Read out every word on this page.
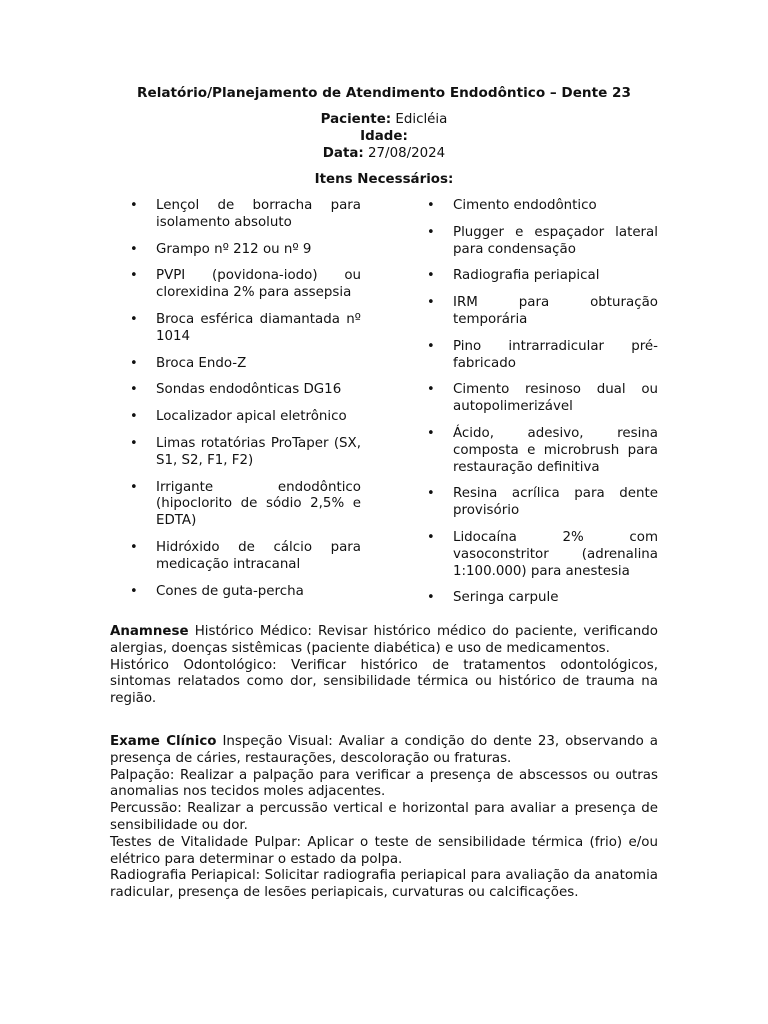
Relatório/Planejamento de Atendimento Endodôntico – Dente 23
Paciente: Edicléia
Idade:
Data: 27/08/2024
Itens Necessários:
• Lençol de borracha para isolamento absoluto
• Grampo nº 212 ou nº 9
• PVPI (povidona-iodo) ou clorexidina 2% para assepsia
• Broca esférica diamantada nº 1014
• Broca Endo-Z
• Sondas endodônticas DG16
• Localizador apical eletrônico
• Limas rotatórias ProTaper (SX, S1, S2, F1, F2)
• Irrigante endodôntico (hipoclorito de sódio 2,5% e EDTA)
• Hidróxido de cálcio para medicação intracanal
• Cones de guta-percha
• Cimento endodôntico
• Plugger e espaçador lateral para condensação
• Radiografia periapical
• IRM para obturação temporária
• Pino intrarradicular pré-fabricado
• Cimento resinoso dual ou autopolimerizável
• Ácido, adesivo, resina composta e microbrush para restauração definitiva
• Resina acrílica para dente provisório
• Lidocaína 2% com vasoconstritor (adrenalina 1:100.000) para anestesia
• Seringa carpule

Anamnese Histórico Médico: Revisar histórico médico do paciente, verificando alergias, doenças sistêmicas (paciente diabética) e uso de medicamentos.

Histórico Odontológico: Verificar histórico de tratamentos odontológicos, sintomas relatados como dor, sensibilidade térmica ou histórico de trauma na região.

Exame Clínico Inspeção Visual: Avaliar a condição do dente 23, observando a presença de cáries, restaurações, descoloração ou fraturas.

Palpação: Realizar a palpação para verificar a presença de abscessos ou outras anomalias nos tecidos moles adjacentes.

Percussão: Realizar a percussão vertical e horizontal para avaliar a presença de sensibilidade ou dor.

Testes de Vitalidade Pulpar: Aplicar o teste de sensibilidade térmica (frio) e/ou elétrico para determinar o estado da polpa.

Radiografia Periapical: Solicitar radiografia periapical para avaliação da anatomia radicular, presença de lesões periapicais, curvaturas ou calcificações.
